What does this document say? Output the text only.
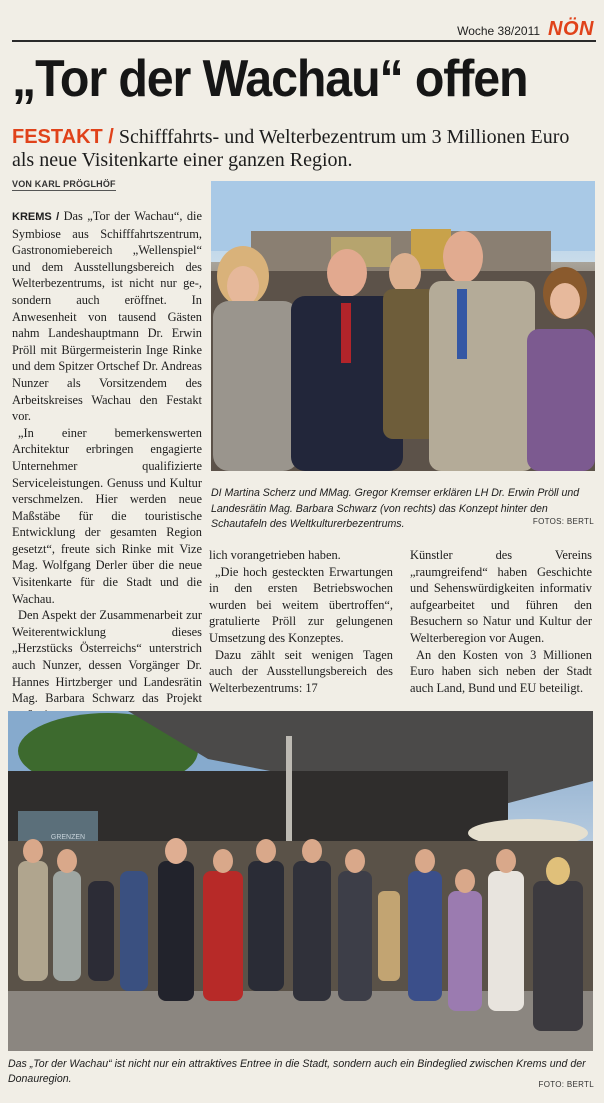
Woche 38/2011 NÖN
„Tor der Wachau“ offen
FESTAKT / Schifffahrts- und Welterbezentrum um 3 Millionen Euro als neue Visitenkarte einer ganzen Region.
VON KARL PRÖGLHÖF

KREMS / Das „Tor der Wachau“, die Symbiose aus Schifffahrtszentrum, Gastronomiebereich „Wellenspiel“ und dem Ausstellungsbereich des Welterbezentrums, ist nicht nur ge-, sondern auch eröffnet. In Anwesenheit von tausend Gästen nahm Landeshauptmann Dr. Erwin Pröll mit Bürgermeisterin Inge Rinke und dem Spitzer Ortschef Dr. Andreas Nunzer als Vorsitzendem des Arbeitskreises Wachau den Festakt vor.

„In einer bemerkenswerten Architektur erbringen engagierte Unternehmer qualifizierte Serviceleistungen. Genuss und Kultur verschmelzen. Hier werden neue Maßstäbe für die touristische Entwicklung der gesamten Region gesetzt“, freute sich Rinke mit Vize Mag. Wolfgang Derler über die neue Visitenkarte für die Stadt und die Wachau.

Den Aspekt der Zusammenarbeit zur Weiterentwicklung dieses „Herzstücks Österreichs“ unterstrich auch Nunzer, dessen Vorgänger Dr. Hannes Hirtzberger und Landesrätin Mag. Barbara Schwarz das Projekt

DI Martina Scherz und MMag. Gregor Kremser erklären LH Dr. Erwin Pröll und Landesrätin Mag. Barbara Schwarz (von rechts) das Konzept hinter den Schautafeln des Weltkulturerbezentrums.	FOTOS: BERTL

lich vorangetrieben haben.

„Die hoch gesteckten Erwartungen in den ersten Betriebswochen wurden bei weitem übertroffen“, gratulierte Pröll zur gelungenen Umsetzung des Konzeptes.

Dazu zählt seit wenigen Tagen auch der Ausstellungsbereich des Welterbezentrums: 17

Künstler des Vereins „raumgreifend“ haben Geschichte und Sehenswürdigkeiten informativ aufgearbeitet und führen den Besuchern so Natur und Kultur der Welterberegion vor Augen.

An den Kosten von 3 Millionen Euro haben sich neben der Stadt auch Land, Bund und EU beteiligt.

GRENZEN
Das „Tor der Wachau“ ist nicht nur ein attraktives Entree in die Stadt, sondern auch ein Bindeglied zwischen Krems und der Donauregion.	FOTO: BERTL
